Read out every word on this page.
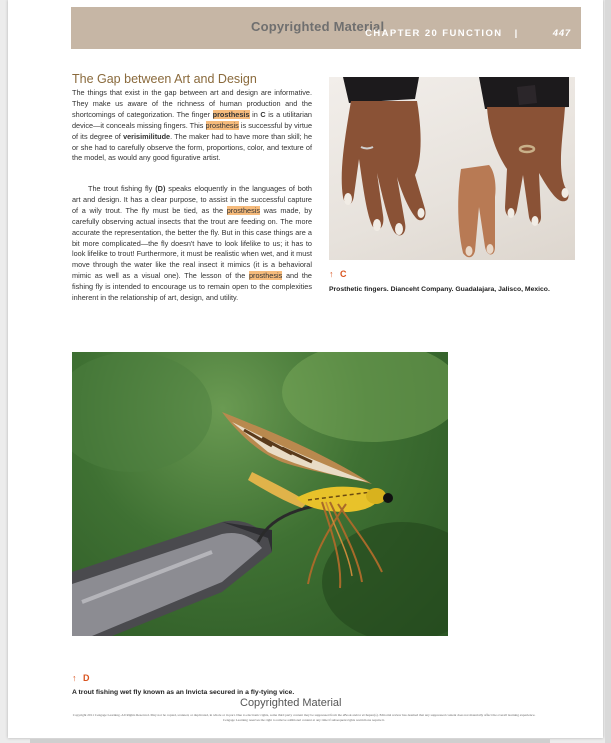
Copyrighted Material
CHAPTER 20 FUNCTION |	447
The Gap between Art and Design

The things that exist in the gap between art and design are informative. They make us aware of the richness of human production and the shortcomings of categorization. The finger prosthesis in C is a utilitarian device—it conceals missing fingers. This prosthesis is successful by virtue of its degree of verisimilitude. The maker had to have more than skill; he or she had to carefully observe the form, proportions, color, and texture of the model, as would any good figurative artist.

The trout fishing fly (D) speaks eloquently in the languages of both art and design. It has a clear purpose, to assist in the successful capture of a wily trout. The fly must be tied, as the prosthesis was made, by carefully observing actual insects that the trout are feeding on. The more accurate the representation, the better the fly. But in this case things are a bit more complicated—the fly doesn't have to look lifelike to us; it has to look lifelike to trout! Furthermore, it must be realistic when wet, and it must move through the water like the real insect it mimics (it is a behavioral mimic as well as a visual one). The lesson of the prosthesis and the fishing fly is intended to encourage us to remain open to the complexities inherent in the relationship of art, design, and utility.

↑ C
Prosthetic fingers. Dianceht Company. Guadalajara, Jalisco, Mexico.
↑ D
A trout fishing wet fly known as an Invicta secured in a fly-tying vice.
Copyrighted Material
Copyright 2011 Cengage Learning. All Rights Reserved. May not be copied, scanned, or duplicated, in whole or in part. Due to electronic rights, some third party content may be suppressed from the eBook and/or eChapter(s). Editorial review has deemed that any suppressed content does not materially affect the overall learning experience. Cengage Learning reserves the right to remove additional content at any time if subsequent rights restrictions require it.
